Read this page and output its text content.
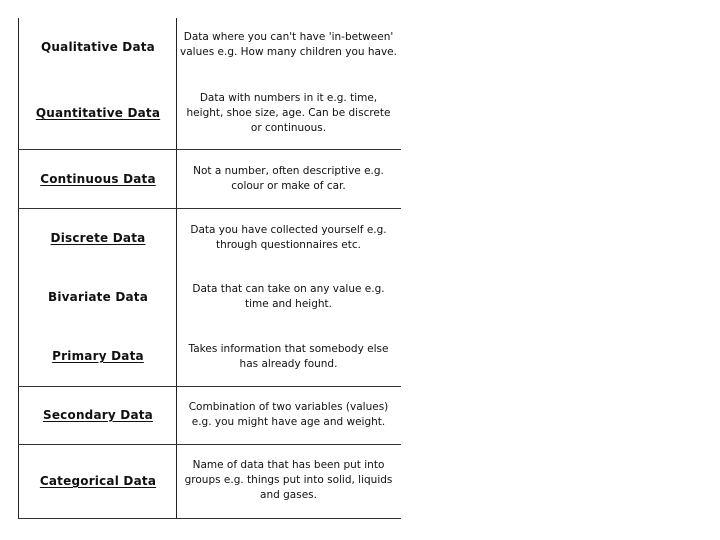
Qualitative Data
Data where you can't have 'in-between' values e.g. How many children you have.
Quantitative Data
Data with numbers in it e.g. time, height, shoe size, age. Can be discrete or continuous.
Continuous Data
Not a number, often descriptive e.g. colour or make of car.
Discrete Data
Data you have collected yourself e.g. through questionnaires etc.
Bivariate Data
Data that can take on any value e.g. time and height.
Primary Data	Takes information that somebody else has already found.
Secondary Data
Combination of two variables (values) e.g. you might have age and weight.
Categorical Data
Name of data that has been put into groups e.g. things put into solid, liquids and gases.
